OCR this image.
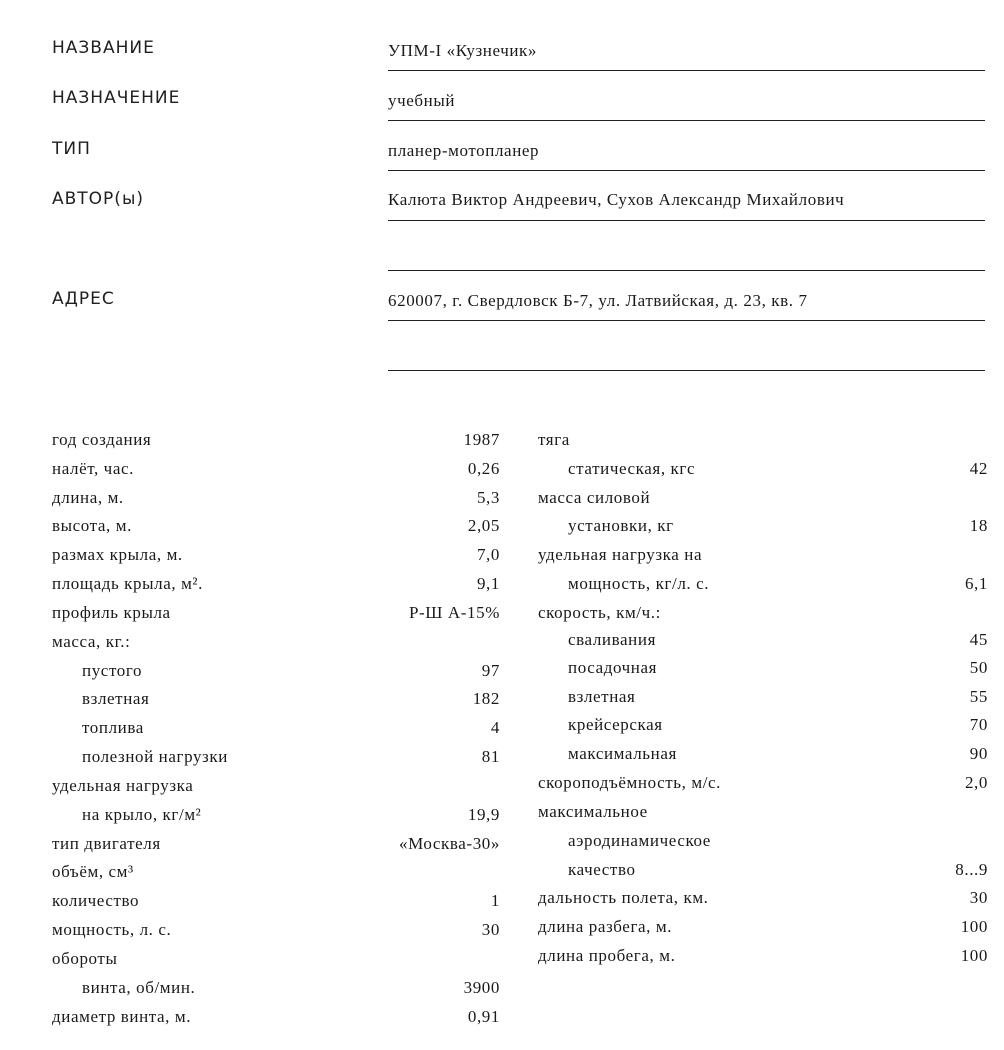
НАЗВАНИЕ	УПМ-I «Кузнечик»
НАЗНАЧЕНИЕ	учебный
ТИП	планер-мотопланер
АВТОР(ы)	Калюта Виктор Андреевич, Сухов Александр Михайлович
АДРЕС	620007, г. Свердловск Б-7, ул. Латвийская, д. 23, кв. 7
год создания	1987
налёт, час.	0,26
длина, м.	5,3
высота, м.	2,05
размах крыла, м.	7,0
площадь крыла, м².	9,1
профиль крыла	Р-Ш А-15%
масса, кг.:
пустого	97
взлетная	182
топлива	4
полезной нагрузки	81
удельная нагрузка
на крыло, кг/м²	19,9
тип двигателя	«Москва-30»
объём, см³
количество	1
мощность, л. с.	30
обороты
винта, об/мин.	3900
диаметр винта, м.	0,91
тяга
статическая, кгс	42
масса силовой
установки, кг	18
удельная нагрузка на
мощность, кг/л. с.	6,1
скорость, км/ч.:
сваливания	45
посадочная	50
взлетная	55
крейсерская	70
максимальная	90
скороподъёмность, м/с.	2,0
максимальное
аэродинамическое
качество	8...9
дальность полета, км.	30
длина разбега, м.	100
длина пробега, м.	100
